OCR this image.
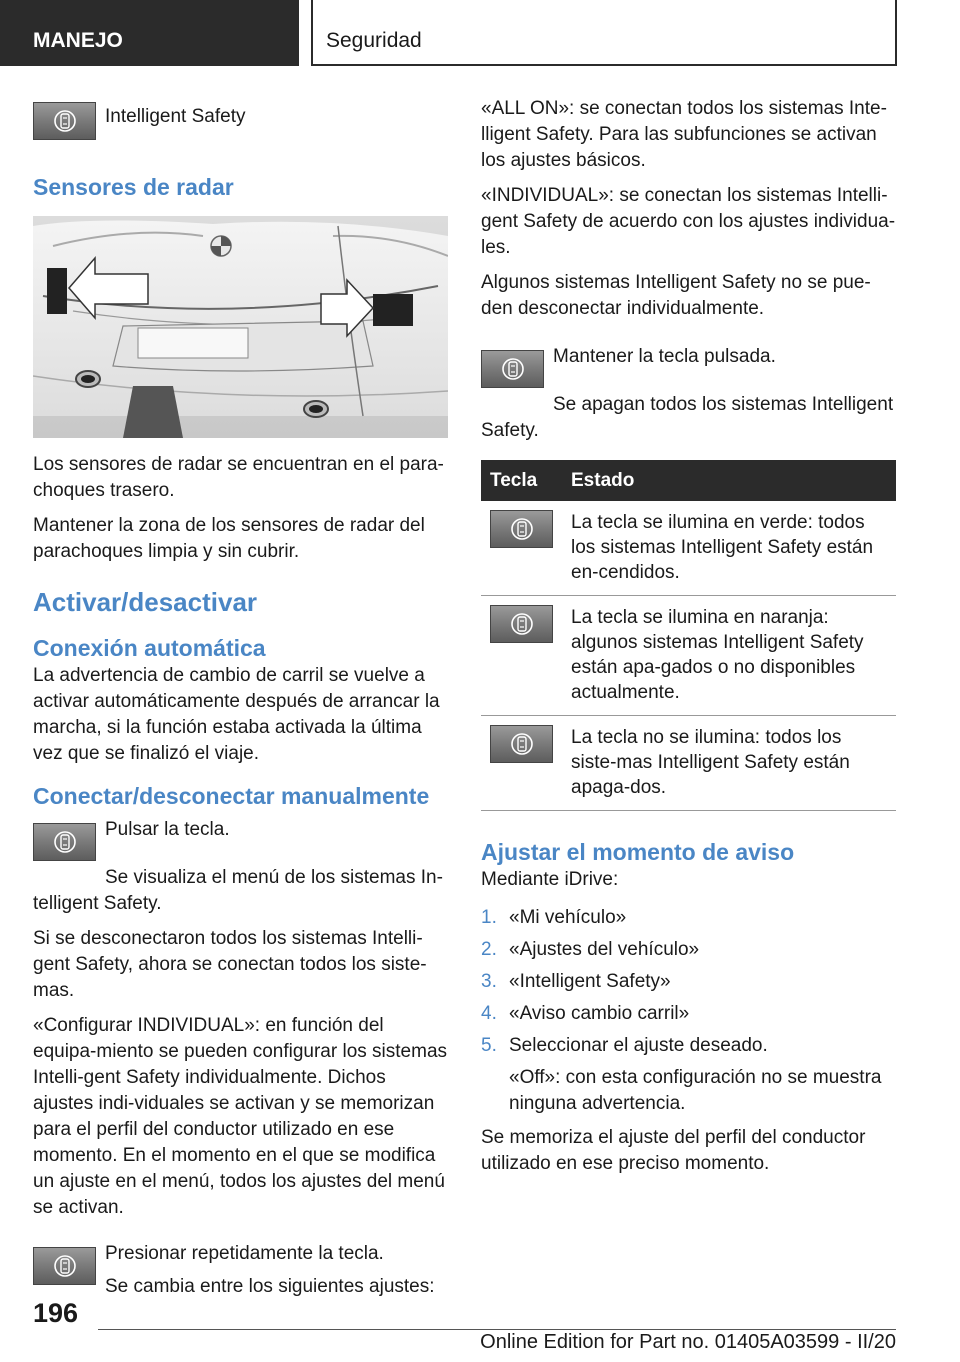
MANEJO	Seguridad

Intelligent Safety

Sensores de radar

Los sensores de radar se encuentran en el para-choques trasero.

Mantener la zona de los sensores de radar del parachoques limpia y sin cubrir.

Activar/desactivar
Conexión automática

La advertencia de cambio de carril se vuelve a activar automáticamente después de arrancar la marcha, si la función estaba activada la última vez que se finalizó el viaje.

Conectar/desconectar manualmente

Pulsar la tecla.

Se visualiza el menú de los sistemas In-telligent Safety.

Si se desconectaron todos los sistemas Intelli-gent Safety, ahora se conectan todos los siste-mas.

«Configurar INDIVIDUAL»: en función del equipa-miento se pueden configurar los sistemas Intelli-gent Safety individualmente. Dichos ajustes indi-viduales se activan y se memorizan para el perfil del conductor utilizado en ese momento. En el momento en el que se modifica un ajuste en el menú, todos los ajustes del menú se activan.

Presionar repetidamente la tecla.

Se cambia entre los siguientes ajustes:

«ALL ON»: se conectan todos los sistemas Inte-lligent Safety. Para las subfunciones se activan los ajustes básicos.

«INDIVIDUAL»: se conectan los sistemas Intelli-gent Safety de acuerdo con los ajustes individua-les.

Algunos sistemas Intelligent Safety no se pue-den desconectar individualmente.

Mantener la tecla pulsada.

Se apagan todos los sistemas Intelligent Safety.

Tecla	Estado

	La tecla se ilumina en verde: todos los sistemas Intelligent Safety están en-cendidos.

	La tecla se ilumina en naranja: algunos sistemas Intelligent Safety están apa-gados o no disponibles actualmente.

	La tecla no se ilumina: todos los siste-mas Intelligent Safety están apaga-dos.
Ajustar el momento de aviso

Mediante iDrive:

1. «Mi vehículo»
2. «Ajustes del vehículo»
3. «Intelligent Safety»
4. «Aviso cambio carril»
5. Seleccionar el ajuste deseado.

«Off»: con esta configuración no se muestra ninguna advertencia.

Se memoriza el ajuste del perfil del conductor utilizado en ese preciso momento.

196
Online Edition for Part no. 01405A03599 - II/20
